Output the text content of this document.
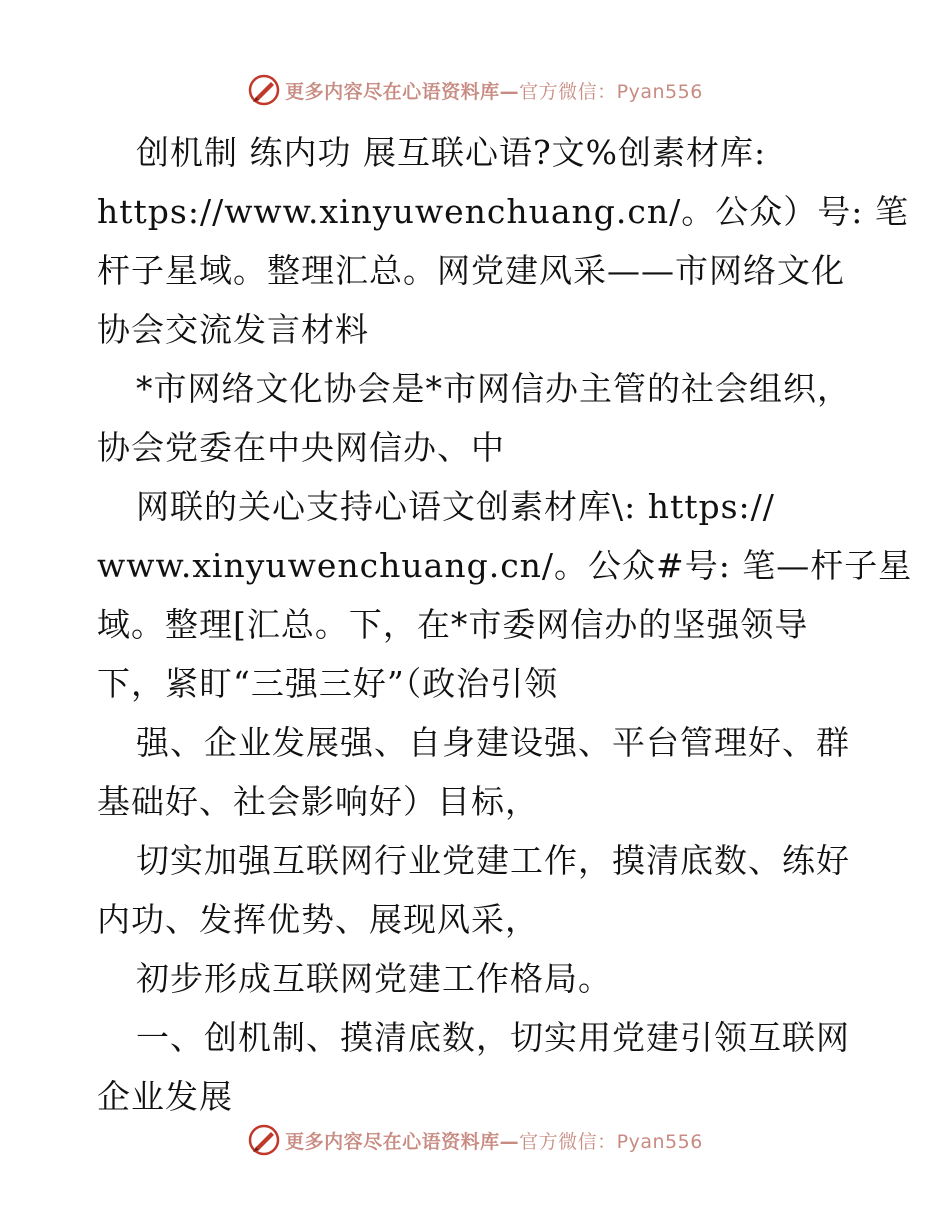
更多内容尽在心语资料库— 官方微信：Pyan556
创机制 练内功 展互联心语?文%创素材库:
https://www.xinyuwenchuang.cn/。公众）号: 笔
杆子星域。整理汇总。网党建风采——市网络文化
协会交流发言材料
*市网络文化协会是*市网信办主管的社会组织，
协会党委在中央网信办、中
网联的关心支持心语文创素材库\: https://
www.xinyuwenchuang.cn/。公众#号: 笔—杆子星
域。整理[汇总。下，在*市委网信办的坚强领导
下，紧盯“三强三好”（政治引领
强、企业发展强、自身建设强、平台管理好、群
基础好、社会影响好）目标，
切实加强互联网行业党建工作，摸清底数、练好
内功、发挥优势、展现风采，
初步形成互联网党建工作格局。
一、创机制、摸清底数，切实用党建引领互联网
企业发展
更多内容尽在心语资料库— 官方微信：Pyan556
